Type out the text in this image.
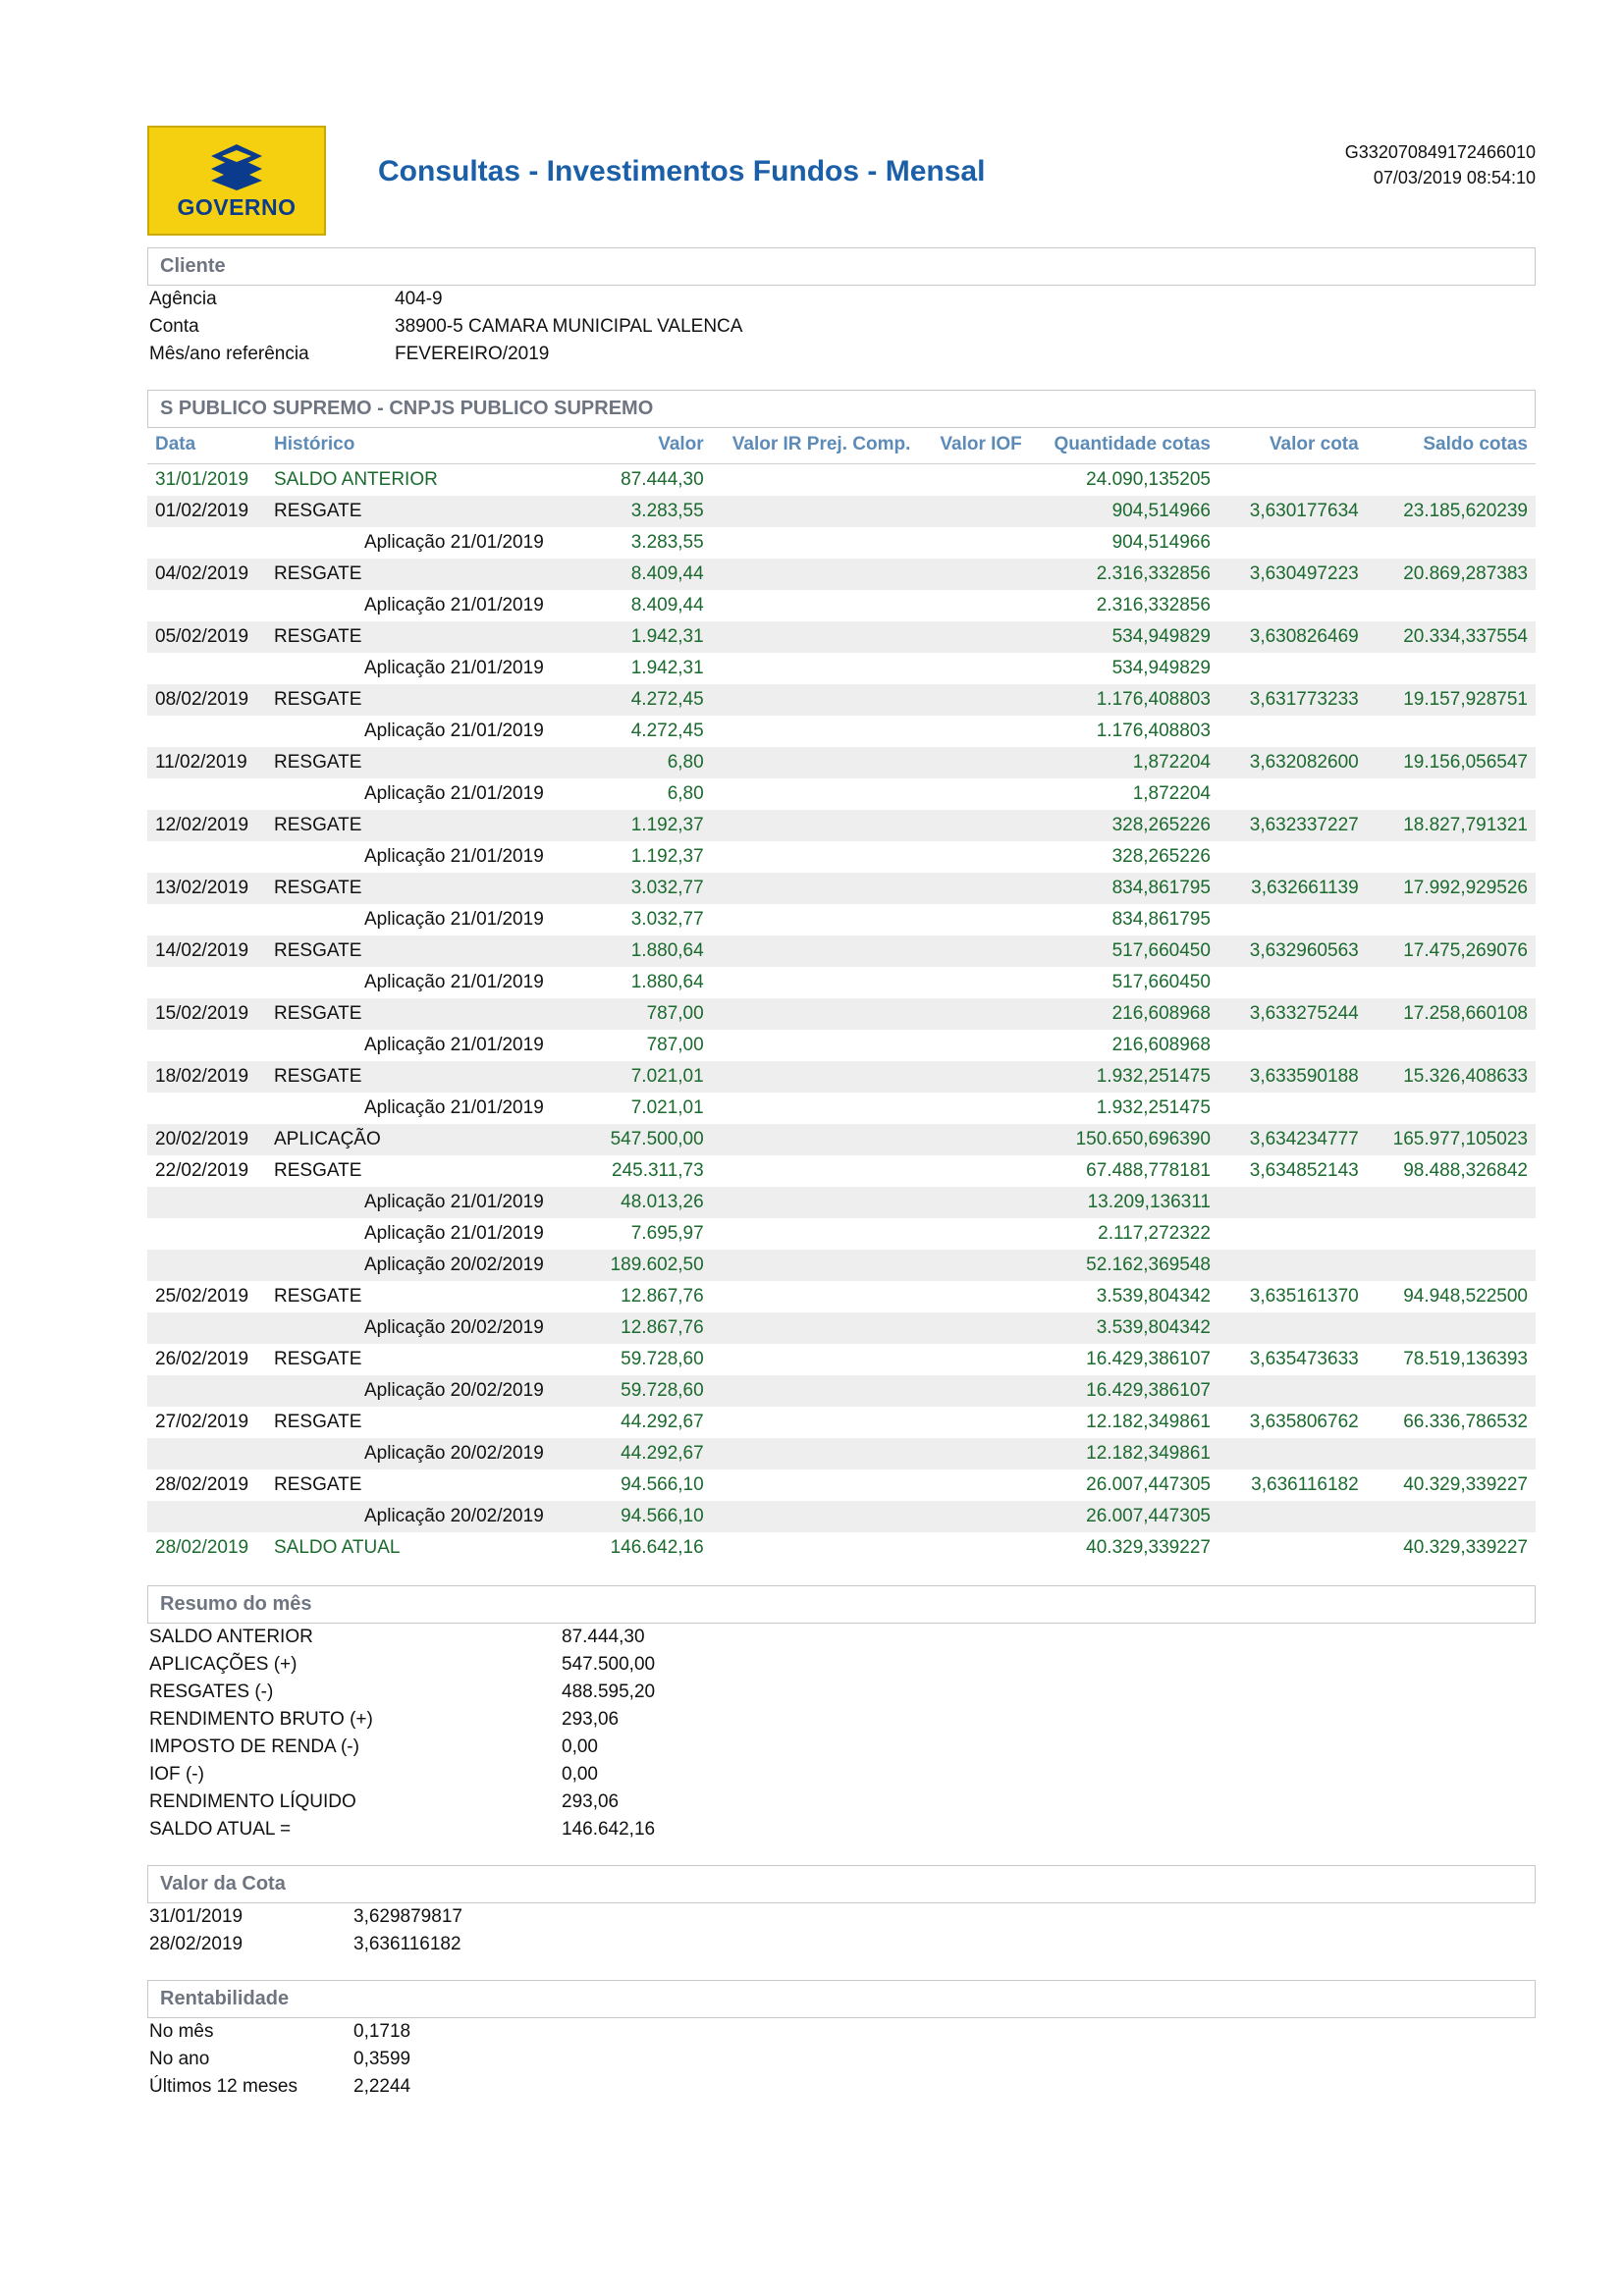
GOVERNO
Consultas - Investimentos Fundos - Mensal
G332070849172466010
07/03/2019 08:54:10
Cliente
Agência	404-9
Conta	38900-5 CAMARA MUNICIPAL VALENCA
Mês/ano referência	FEVEREIRO/2019
S PUBLICO SUPREMO - CNPJS PUBLICO SUPREMO
Data	Histórico	Valor	Valor IR Prej. Comp.	Valor IOF	Quantidade cotas	Valor cota	Saldo cotas
31/01/2019	SALDO ANTERIOR	87.444,30			24.090,135205		
01/02/2019	RESGATE	3.283,55			904,514966	3,630177634	23.185,620239
	Aplicação 21/01/2019	3.283,55			904,514966		
04/02/2019	RESGATE	8.409,44			2.316,332856	3,630497223	20.869,287383
	Aplicação 21/01/2019	8.409,44			2.316,332856		
05/02/2019	RESGATE	1.942,31			534,949829	3,630826469	20.334,337554
	Aplicação 21/01/2019	1.942,31			534,949829		
08/02/2019	RESGATE	4.272,45			1.176,408803	3,631773233	19.157,928751
	Aplicação 21/01/2019	4.272,45			1.176,408803		
11/02/2019	RESGATE	6,80			1,872204	3,632082600	19.156,056547
	Aplicação 21/01/2019	6,80			1,872204		
12/02/2019	RESGATE	1.192,37			328,265226	3,632337227	18.827,791321
	Aplicação 21/01/2019	1.192,37			328,265226		
13/02/2019	RESGATE	3.032,77			834,861795	3,632661139	17.992,929526
	Aplicação 21/01/2019	3.032,77			834,861795		
14/02/2019	RESGATE	1.880,64			517,660450	3,632960563	17.475,269076
	Aplicação 21/01/2019	1.880,64			517,660450		
15/02/2019	RESGATE	787,00			216,608968	3,633275244	17.258,660108
	Aplicação 21/01/2019	787,00			216,608968		
18/02/2019	RESGATE	7.021,01			1.932,251475	3,633590188	15.326,408633
	Aplicação 21/01/2019	7.021,01			1.932,251475		
20/02/2019	APLICAÇÃO	547.500,00			150.650,696390	3,634234777	165.977,105023
22/02/2019	RESGATE	245.311,73			67.488,778181	3,634852143	98.488,326842
	Aplicação 21/01/2019	48.013,26			13.209,136311		
	Aplicação 21/01/2019	7.695,97			2.117,272322		
	Aplicação 20/02/2019	189.602,50			52.162,369548		
25/02/2019	RESGATE	12.867,76			3.539,804342	3,635161370	94.948,522500
	Aplicação 20/02/2019	12.867,76			3.539,804342		
26/02/2019	RESGATE	59.728,60			16.429,386107	3,635473633	78.519,136393
	Aplicação 20/02/2019	59.728,60			16.429,386107		
27/02/2019	RESGATE	44.292,67			12.182,349861	3,635806762	66.336,786532
	Aplicação 20/02/2019	44.292,67			12.182,349861		
28/02/2019	RESGATE	94.566,10			26.007,447305	3,636116182	40.329,339227
	Aplicação 20/02/2019	94.566,10			26.007,447305		
28/02/2019	SALDO ATUAL	146.642,16			40.329,339227		40.329,339227
Resumo do mês
SALDO ANTERIOR	87.444,30
APLICAÇÕES (+)	547.500,00
RESGATES (-)	488.595,20
RENDIMENTO BRUTO (+)	293,06
IMPOSTO DE RENDA (-)	0,00
IOF (-)	0,00
RENDIMENTO LÍQUIDO	293,06
SALDO ATUAL =	146.642,16
Valor da Cota
31/01/2019	3,629879817
28/02/2019	3,636116182
Rentabilidade
No mês	0,1718
No ano	0,3599
Últimos 12 meses	2,2244
